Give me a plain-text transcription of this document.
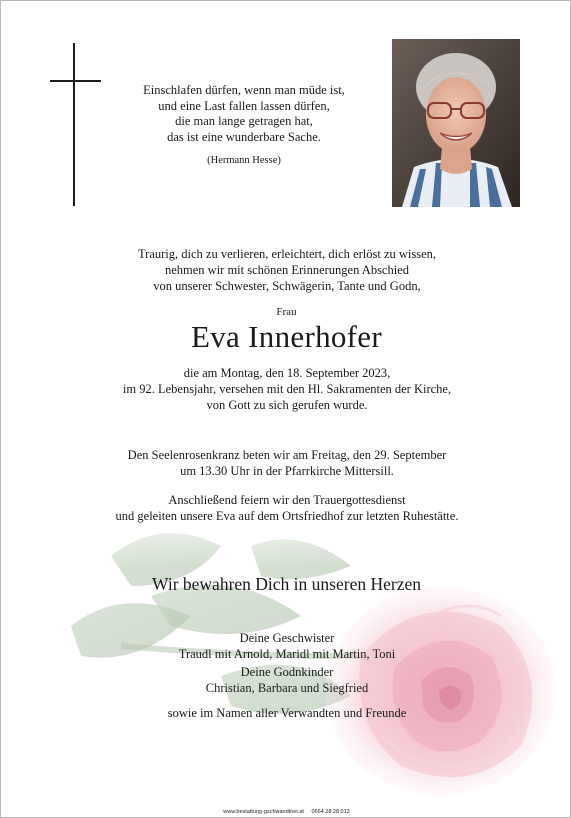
Einschlafen dürfen, wenn man müde ist,
und eine Last fallen lassen dürfen,
die man lange getragen hat,
das ist eine wunderbare Sache.
(Hermann Hesse)
Traurig, dich zu verlieren, erleichtert, dich erlöst zu wissen,
nehmen wir mit schönen Erinnerungen Abschied
von unserer Schwester, Schwägerin, Tante und Godn,
Frau
Eva Innerhofer
die am Montag, den 18. September 2023,
im 92. Lebensjahr, versehen mit den Hl. Sakramenten der Kirche,
von Gott zu sich gerufen wurde.
Den Seelenrosenkranz beten wir am Freitag, den 29. September
um 13.30 Uhr in der Pfarrkirche Mittersill.
Anschließend feiern wir den Trauergottesdienst
und geleiten unsere Eva auf dem Ortsfriedhof zur letzten Ruhestätte.
Wir bewahren Dich in unseren Herzen
Deine Geschwister
Traudl mit Arnold, Maridl mit Martin, Toni
Deine Godnkinder
Christian, Barbara und Siegfried
sowie im Namen aller Verwandten und Freunde
www.bestattung-gschwandtner.at 0664 28 28 013
